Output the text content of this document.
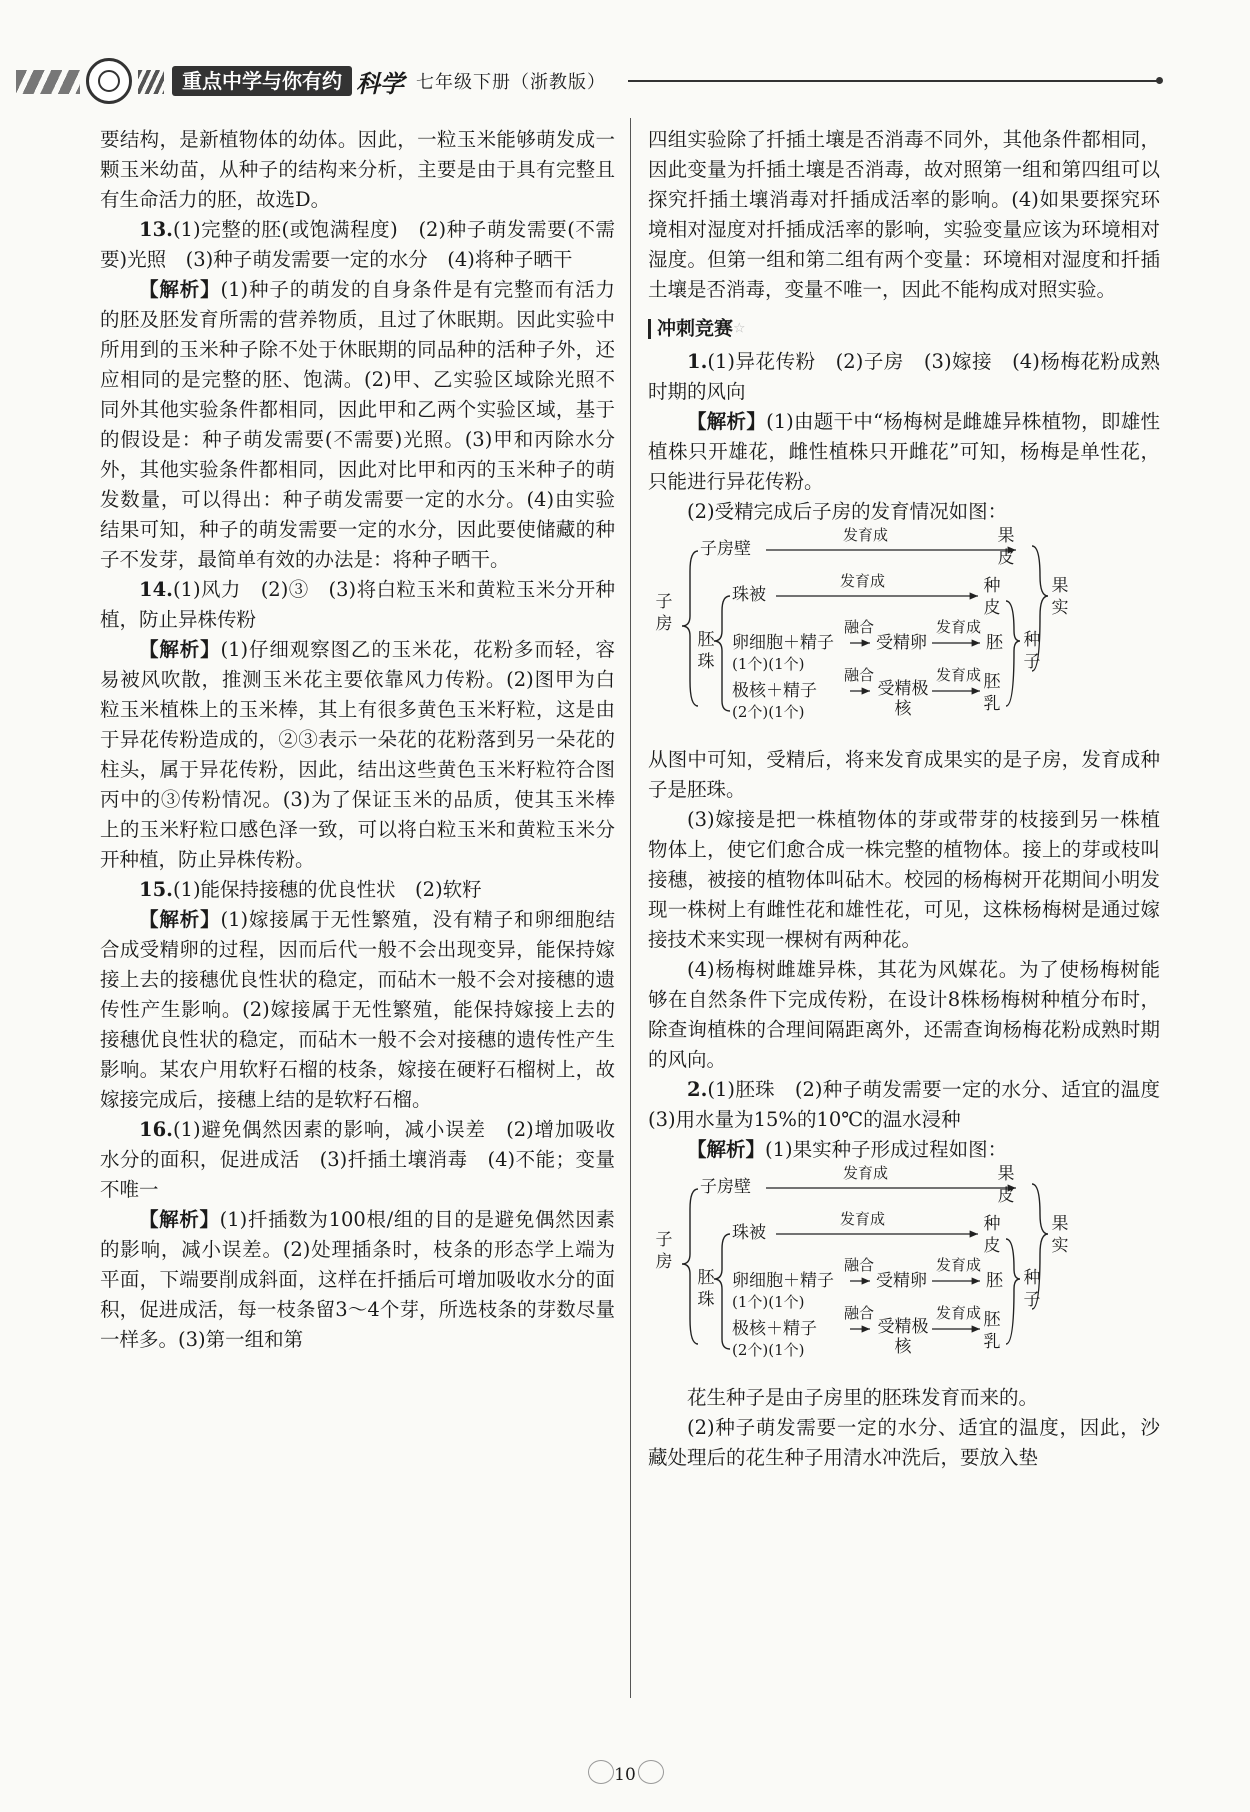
重点中学与你有约 科学 七年级下册（浙教版）

要结构，是新植物体的幼体。因此，一粒玉米能够萌发成一颗玉米幼苗，从种子的结构来分析，主要是由于具有完整且有生命活力的胚，故选D。

13.(1)完整的胚(或饱满程度)　(2)种子萌发需要(不需要)光照　(3)种子萌发需要一定的水分　(4)将种子晒干

【解析】(1)种子的萌发的自身条件是有完整而有活力的胚及胚发育所需的营养物质，且过了休眠期。因此实验中所用到的玉米种子除不处于休眠期的同品种的活种子外，还应相同的是完整的胚、饱满。(2)甲、乙实验区域除光照不同外其他实验条件都相同，因此甲和乙两个实验区域，基于的假设是：种子萌发需要(不需要)光照。(3)甲和丙除水分外，其他实验条件都相同，因此对比甲和丙的玉米种子的萌发数量，可以得出：种子萌发需要一定的水分。(4)由实验结果可知，种子的萌发需要一定的水分，因此要使储藏的种子不发芽，最简单有效的办法是：将种子晒干。

14.(1)风力　(2)③　(3)将白粒玉米和黄粒玉米分开种植，防止异株传粉

【解析】(1)仔细观察图乙的玉米花，花粉多而轻，容易被风吹散，推测玉米花主要依靠风力传粉。(2)图甲为白粒玉米植株上的玉米棒，其上有很多黄色玉米籽粒，这是由于异花传粉造成的，②③表示一朵花的花粉落到另一朵花的柱头，属于异花传粉，因此，结出这些黄色玉米籽粒符合图丙中的③传粉情况。(3)为了保证玉米的品质，使其玉米棒上的玉米籽粒口感色泽一致，可以将白粒玉米和黄粒玉米分开种植，防止异株传粉。

15.(1)能保持接穗的优良性状　(2)软籽

【解析】(1)嫁接属于无性繁殖，没有精子和卵细胞结合成受精卵的过程，因而后代一般不会出现变异，能保持嫁接上去的接穗优良性状的稳定，而砧木一般不会对接穗的遗传性产生影响。(2)嫁接属于无性繁殖，能保持嫁接上去的接穗优良性状的稳定，而砧木一般不会对接穗的遗传性产生影响。某农户用软籽石榴的枝条，嫁接在硬籽石榴树上，故嫁接完成后，接穗上结的是软籽石榴。

16.(1)避免偶然因素的影响，减小误差　(2)增加吸收水分的面积，促进成活　(3)扦插土壤消毒　(4)不能；变量不唯一

【解析】(1)扦插数为100根/组的目的是避免偶然因素的影响，减小误差。(2)处理插条时，枝条的形态学上端为平面，下端要削成斜面，这样在扦插后可增加吸收水分的面积，促进成活，每一枝条留3～4个芽，所选枝条的芽数尽量一样多。(3)第一组和第

四组实验除了扦插土壤是否消毒不同外，其他条件都相同，因此变量为扦插土壤是否消毒，故对照第一组和第四组可以探究扦插土壤消毒对扦插成活率的影响。(4)如果要探究环境相对湿度对扦插成活率的影响，实验变量应该为环境相对湿度。但第一组和第二组有两个变量：环境相对湿度和扦插土壤是否消毒，变量不唯一，因此不能构成对照实验。

冲刺竞赛☆

1.(1)异花传粉　(2)子房　(3)嫁接　(4)杨梅花粉成熟时期的风向

【解析】(1)由题干中“杨梅树是雌雄异株植物，即雄性植株只开雄花，雌性植株只开雌花”可知，杨梅是单性花，只能进行异花传粉。

(2)受精完成后子房的发育情况如图：

子房
子房壁
发育成	果皮
果实
珠被
发育成	种皮
胚珠
种子
卵细胞＋精子
(1个)(1个)
融合
受精卵
发育成
胚
极核＋精子
(2个)(1个)
融合
受精极核
发育成 胚乳

从图中可知，受精后，将来发育成果实的是子房，发育成种子是胚珠。

(3)嫁接是把一株植物体的芽或带芽的枝接到另一株植物体上，使它们愈合成一株完整的植物体。接上的芽或枝叫接穗，被接的植物体叫砧木。校园的杨梅树开花期间小明发现一株树上有雌性花和雄性花，可见，这株杨梅树是通过嫁接技术来实现一棵树有两种花。

(4)杨梅树雌雄异株，其花为风媒花。为了使杨梅树能够在自然条件下完成传粉，在设计8株杨梅树种植分布时，除查询植株的合理间隔距离外，还需查询杨梅花粉成熟时期的风向。

2.(1)胚珠　(2)种子萌发需要一定的水分、适宜的温度　(3)用水量为15%的10℃的温水浸种

【解析】(1)果实种子形成过程如图：

子房
子房壁
发育成	果皮
果实
珠被
发育成	种皮
胚珠
种子
卵细胞＋精子
(1个)(1个)
融合
受精卵
发育成
胚
极核＋精子
(2个)(1个)
融合
受精极核
发育成 胚乳

花生种子是由子房里的胚珠发育而来的。

(2)种子萌发需要一定的水分、适宜的温度，因此，沙藏处理后的花生种子用清水冲洗后，要放入垫

10
